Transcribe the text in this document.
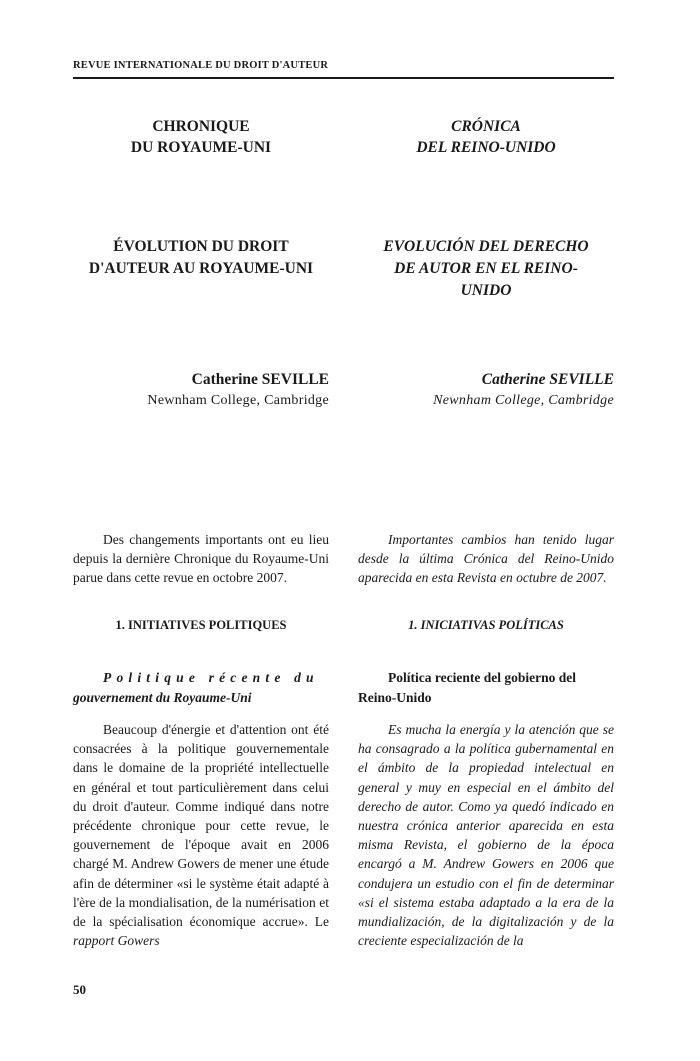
REVUE INTERNATIONALE DU DROIT D'AUTEUR
CHRONIQUE
DU ROYAUME-UNI
ÉVOLUTION DU DROIT
D'AUTEUR AU ROYAUME-UNI
Catherine SEVILLE
Newnham College, Cambridge

Des changements importants ont eu lieu depuis la dernière Chronique du Royaume-Uni parue dans cette revue en octobre 2007.

1. INITIATIVES POLITIQUES
Politique récente du
gouvernement du Royaume-Uni

Beaucoup d'énergie et d'attention ont été consacrées à la politique gouvernementale dans le domaine de la propriété intellectuelle en général et tout particulièrement dans celui du droit d'auteur. Comme indiqué dans notre précédente chronique pour cette revue, le gouvernement de l'époque avait en 2006 chargé M. Andrew Gowers de mener une étude afin de déterminer «si le système était adapté à l'ère de la mondialisation, de la numérisation et de la spécialisation économique accrue». Le rapport Gowers

CRÓNICA
DEL REINO-UNIDO
EVOLUCIÓN DEL DERECHO
DE AUTOR EN EL REINO-
UNIDO
Catherine SEVILLE
Newnham College, Cambridge

Importantes cambios han tenido lugar desde la última Crónica del Reino-Unido aparecida en esta Revista en octubre de 2007.

1. INICIATIVAS POLÍTICAS
Política reciente del gobierno del
Reino-Unido

Es mucha la energía y la atención que se ha consagrado a la política gubernamental en el ámbito de la propiedad intelectual en general y muy en especial en el ámbito del derecho de autor. Como ya quedó indicado en nuestra crónica anterior aparecida en esta misma Revista, el gobierno de la época encargó a M. Andrew Gowers en 2006 que condujera un estudio con el fin de determinar «si el sistema estaba adaptado a la era de la mundialización, de la digitalización y de la creciente especialización de la

50
